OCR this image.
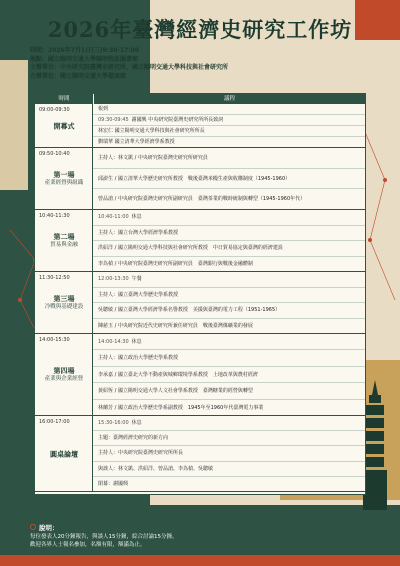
2026年臺灣經濟史研究工作坊
時間：2026年7月1日(三)9:30-17:00
地點：國立陽明交通大學陽明校區圖書館
主辦單位：中央研究院臺灣史研究所、國立陽明交通大學科技與社會研究所
合辦單位：國立陽明交通大學檔案館
時間	議程
09:00-09:30
開幕式
報到
09:30-09:45 謝國興 中央研究院臺灣史研究所所長致詞
林宏仁 國立陽明交通大學科技與社會研究所所長
劉瑞華 國立清華大學經濟學系教授
09:50-10:40
第一場
產業經營與組織
主持人：林文凱 / 中央研究院臺灣史研究所研究員
邱澎生 / 國立清華大學歷史研究所教授　戰後臺灣米糧生產與收購制度（1945-1960）
曾品滄 / 中央研究院臺灣史研究所副研究員　臺灣茶業的戰時統制與轉型（1945-1960年代）
10:40-11:30
第二場
貿易與金融
10:40-11:00 休息
主持人：國立台灣大學經濟學系教授
洪紹洋 / 國立陽明交通大學科技與社會研究所教授　中日貿易協定與臺灣的經濟建設
李為楨 / 中央研究院臺灣史研究所副研究員　臺灣銀行與戰後金融體制
11:30-12:50
第三場
冷戰與基礎建設
12:00-13:30 午餐
主持人：國立臺灣大學歷史學系教授
吳聰敏 / 國立臺灣大學經濟學系名譽教授　美援與臺灣的電力工程（1951-1965）
陳慈玉 / 中央研究院近代史研究所兼任研究員　戰後臺灣煤礦業的發展
14:00-15:30
第四場
產業與企業經營
14:00-14:30 休息
主持人：國立政治大學歷史學系教授
李承嘉 / 國立臺北大學不動產與城鄉環境學系教授　土地改革與農村經濟
黃紹恆 / 國立陽明交通大學人文社會學系教授　臺灣糖業的經營與轉型
林蘭芳 / 國立政治大學歷史學系副教授　1945年至1960年代臺灣電力事業
16:00-17:00
圓桌論壇
15:30-16:00 休息
主題：臺灣經濟史研究的新方向
主持人：中央研究院臺灣史研究所所長
與談人：林文凱、洪紹洋、曾品滄、李為楨、吳聰敏
閉幕：謝國興
說明：
每位發表人20分鐘報告，與談人15分鐘，綜合討論15分鐘。
歡迎各界人士報名參加，名額有限，額滿為止。
